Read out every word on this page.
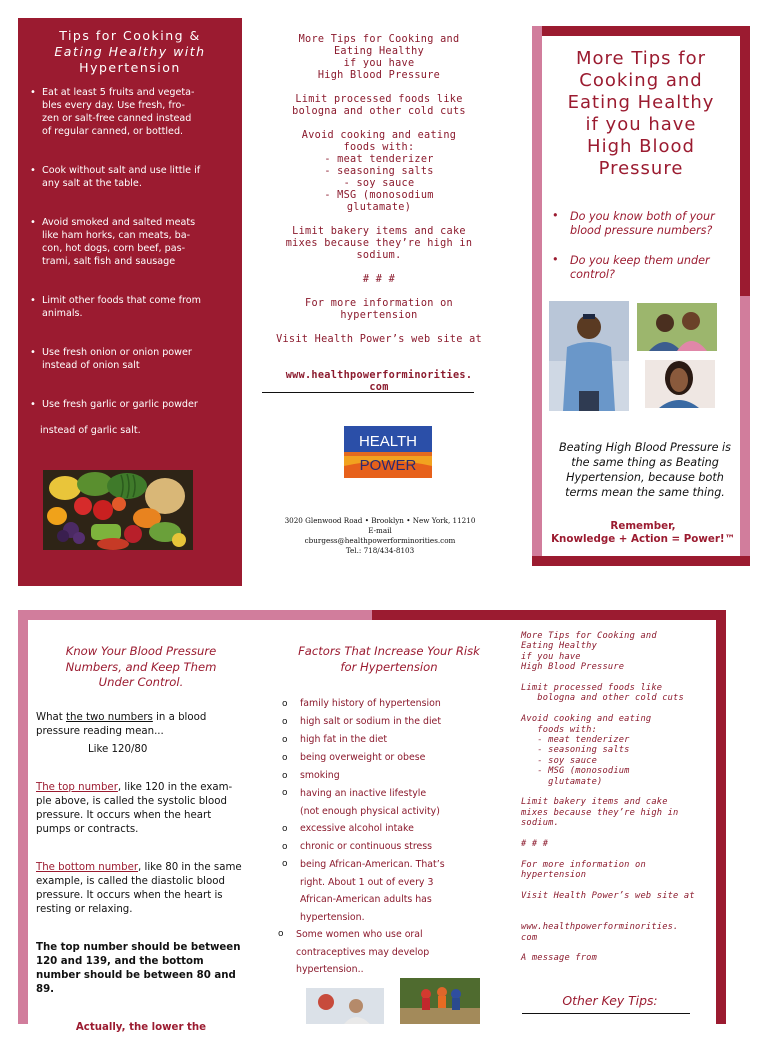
Tips for Cooking &
Eating Healthy with
Hypertension
• Eat at least 5 fruits and vegeta-
bles every day. Use fresh, fro-
zen or salt-free canned instead
of regular canned, or bottled.
• Cook without salt and use little if
any salt at the table.
• Avoid smoked and salted meats
like ham horks, can meats, ba-
con, hot dogs, corn beef, pas-
trami, salt fish and sausage
• Limit other foods that come from
animals.
• Use fresh onion or onion power
instead of onion salt
• Use fresh garlic or garlic powder

instead of garlic salt.

More Tips for Cooking and

Eating Healthy

if you have

High Blood Pressure

Limit processed foods like

bologna and other cold cuts

Avoid cooking and eating

foods with:

- meat tenderizer

- seasoning salts

- soy sauce

- MSG (monosodium

glutamate)

Limit bakery items and cake

mixes because they’re high in

sodium.

# # #

For more information on

hypertension

Visit Health Power’s web site at

www.healthpowerforminorities.

com

HEALTH
POWER
3020 Glenwood Road • Brooklyn • New York, 11210
E-mail
cburgess@healthpowerforminorities.com
Tel.: 718/434-8103
More Tips for
Cooking and
Eating Healthy
if you have
High Blood
Pressure
• Do you know both of your blood pressure numbers?
• Do you keep them under control?
Beating High Blood Pressure is the same thing as Beating Hypertension, because both terms mean the same thing.
Remember,
Knowledge + Action = Power!™
Know Your Blood Pressure
Numbers, and Keep Them
Under Control.

What the two numbers in a blood pressure reading mean...

Like 120/80

The top number, like 120 in the exam-ple above, is called the systolic blood pressure. It occurs when the heart pumps or contracts.

The bottom number, like 80 in the same example, is called the diastolic blood pressure. It occurs when the heart is resting or relaxing.

The top number should be between 120 and 139, and the bottom number should be between 80 and 89.

Actually, the lower the

Factors That Increase Your Risk
for Hypertension
o family history of hypertension
o high salt or sodium in the diet
o high fat in the diet
o being overweight or obese
o smoking
o having an inactive lifestyle
(not enough physical activity)
o excessive alcohol intake
o chronic or continuous stress
o being African-American. That’s
right. About 1 out of every 3
African-American adults has
hypertension.
o Some women who use oral
contraceptives may develop
hypertension..

More Tips for Cooking and

Eating Healthy

if you have

High Blood Pressure

Limit processed foods like

bologna and other cold cuts

Avoid cooking and eating

foods with:

- meat tenderizer

- seasoning salts

- soy sauce

- MSG (monosodium

glutamate)

Limit bakery items and cake

mixes because they’re high in

sodium.

# # #

For more information on

hypertension

Visit Health Power’s web site at

www.healthpowerforminorities.

com

A message from

Other Key Tips:
